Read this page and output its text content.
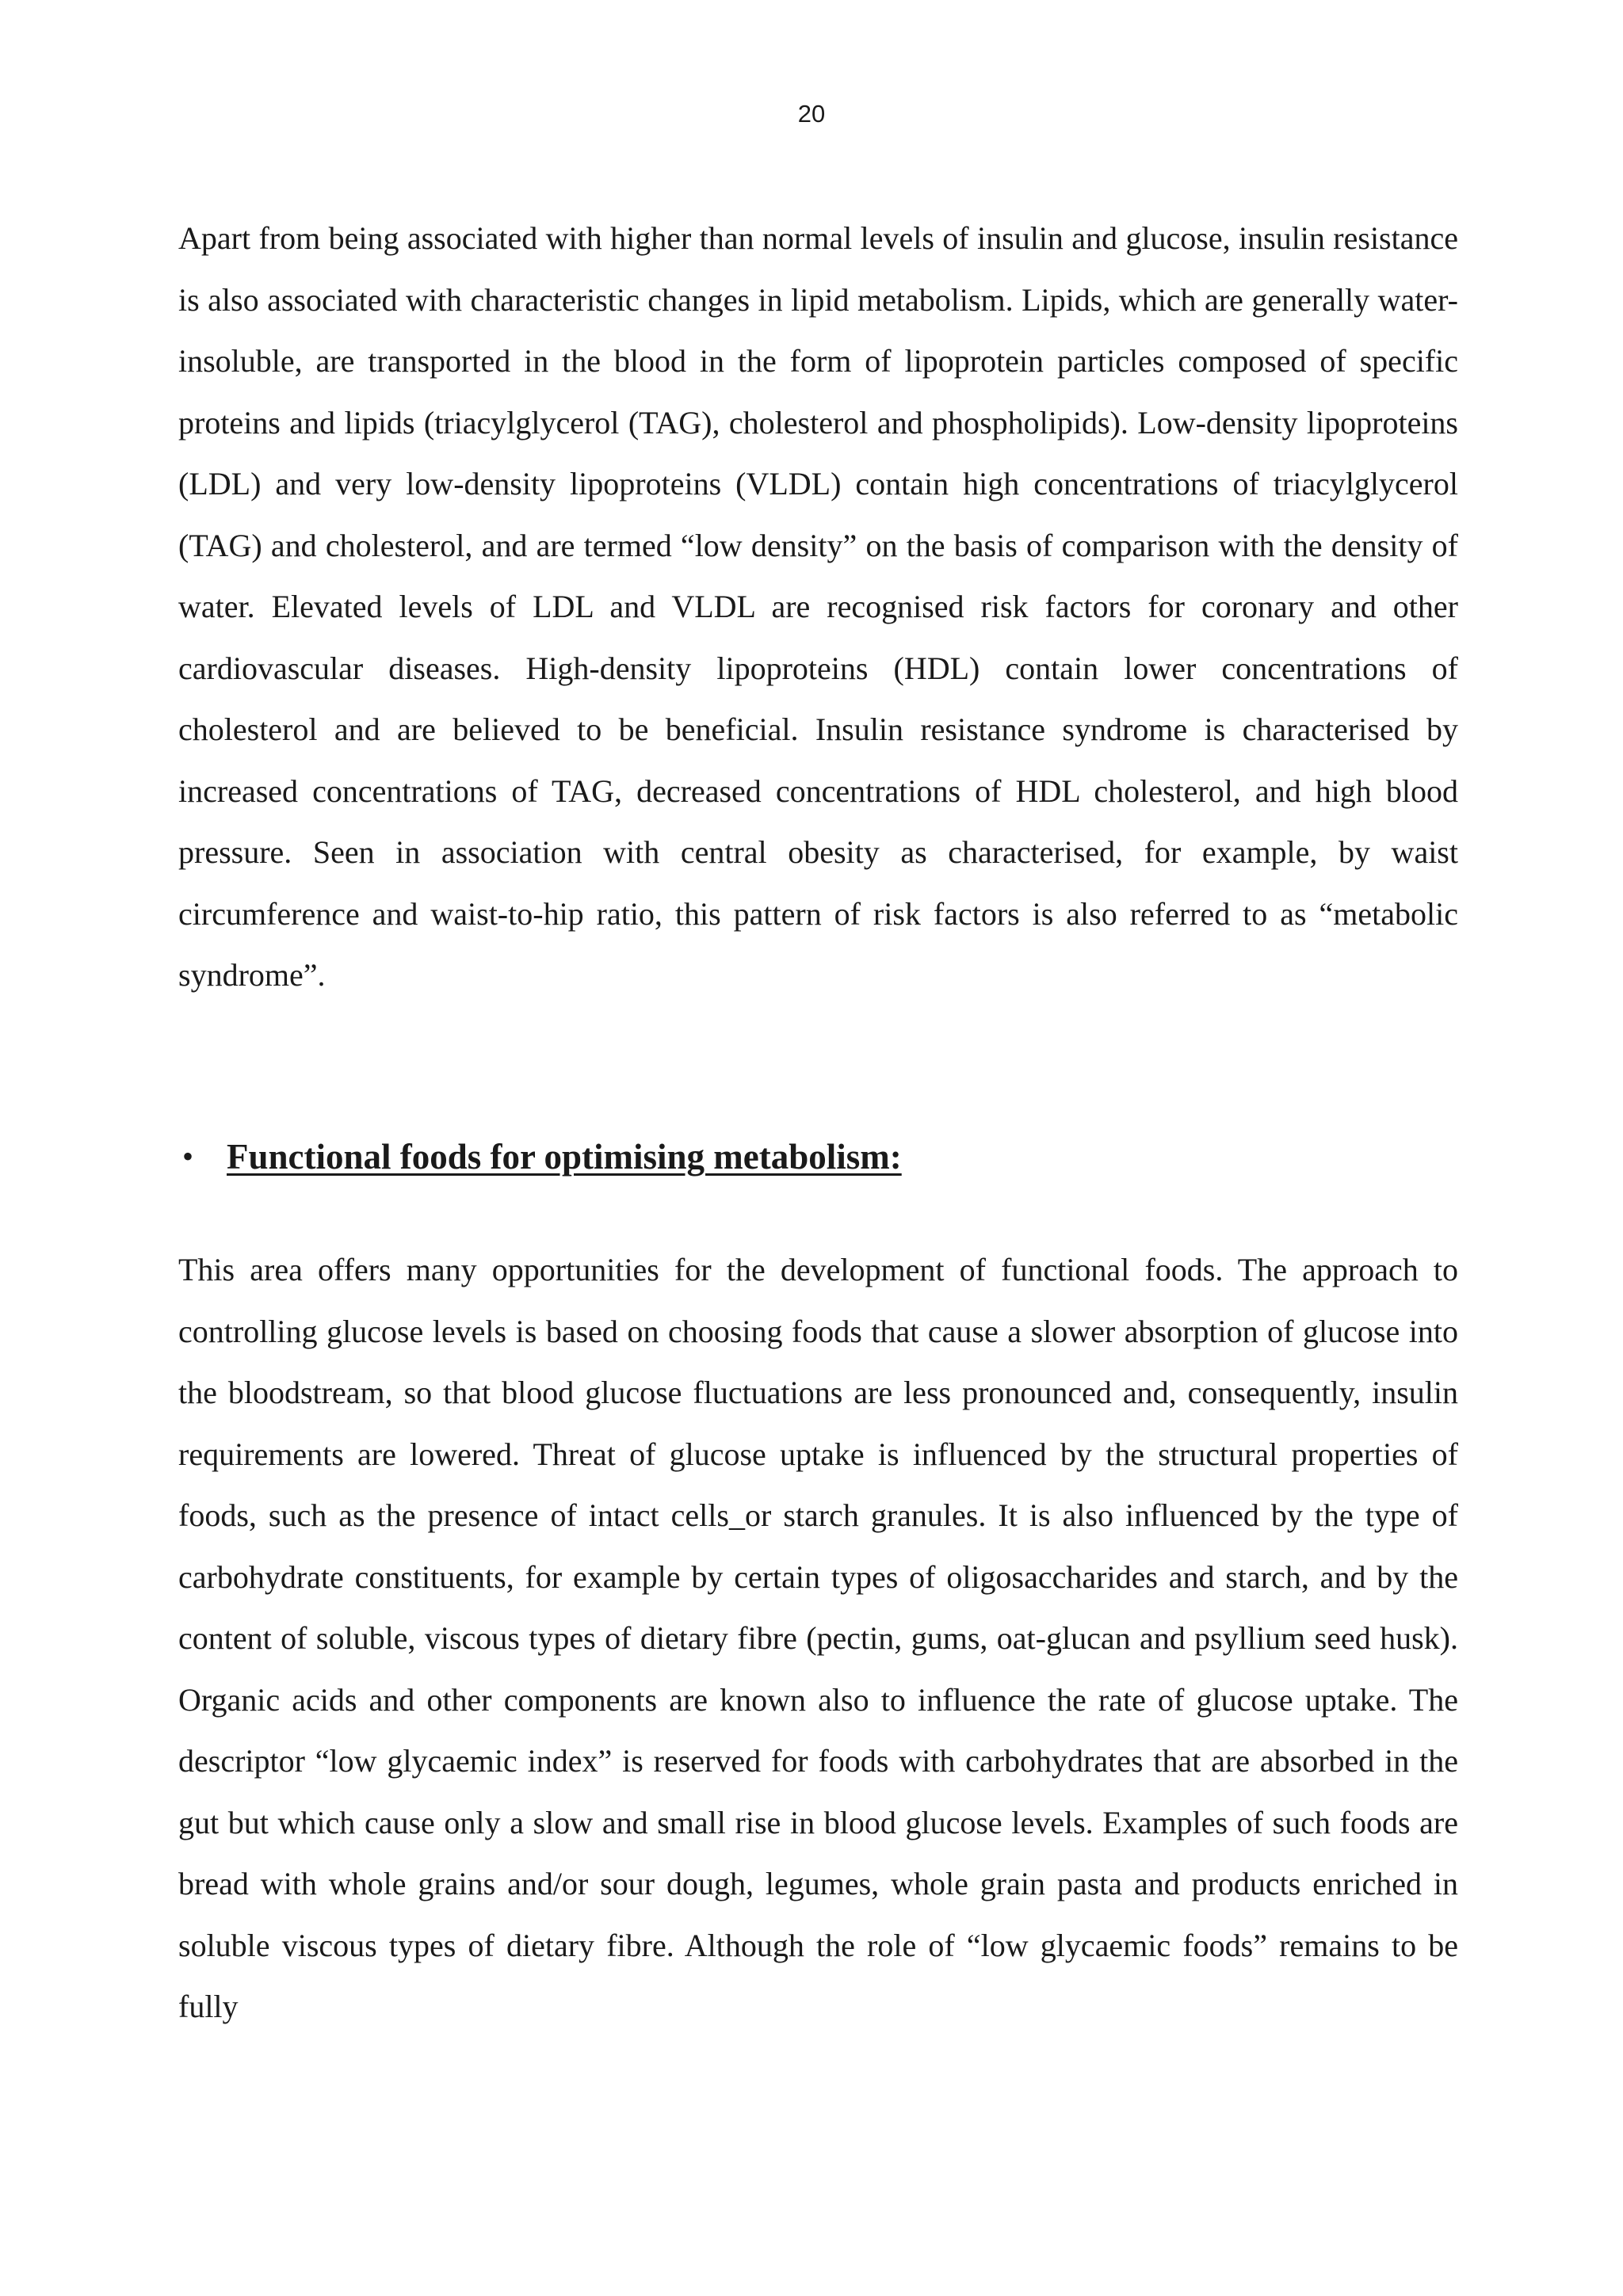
20

Apart from being associated with higher than normal levels of insulin and glucose, insulin resistance is also associated with characteristic changes in lipid metabolism. Lipids, which are generally water-insoluble, are transported in the blood in the form of lipoprotein particles composed of specific proteins and lipids (triacylglycerol (TAG), cholesterol and phospholipids). Low-density lipoproteins (LDL) and very low-density lipoproteins (VLDL) contain high concentrations of triacylglycerol (TAG) and cholesterol, and are termed “low density” on the basis of comparison with the density of water. Elevated levels of LDL and VLDL are recognised risk factors for coronary and other cardiovascular diseases. High-density lipoproteins (HDL) contain lower concentrations of cholesterol and are believed to be beneficial. Insulin resistance syndrome is characterised by increased concentrations of TAG, decreased concentrations of HDL cholesterol, and high blood pressure. Seen in association with central obesity as characterised, for example, by waist circumference and waist-to-hip ratio, this pattern of risk factors is also referred to as “metabolic syndrome”.

• Functional foods for optimising metabolism:

This area offers many opportunities for the development of functional foods. The approach to controlling glucose levels is based on choosing foods that cause a slower absorption of glucose into the bloodstream, so that blood glucose fluctuations are less pronounced and, consequently, insulin requirements are lowered. Threat of glucose uptake is influenced by the structural properties of foods, such as the presence of intact cells_or starch granules. It is also influenced by the type of carbohydrate constituents, for example by certain types of oligosaccharides and starch, and by the content of soluble, viscous types of dietary fibre (pectin, gums, oat-glucan and psyllium seed husk). Organic acids and other components are known also to influence the rate of glucose uptake. The descriptor “low glycaemic index” is reserved for foods with carbohydrates that are absorbed in the gut but which cause only a slow and small rise in blood glucose levels. Examples of such foods are bread with whole grains and/or sour dough, legumes, whole grain pasta and products enriched in soluble viscous types of dietary fibre. Although the role of “low glycaemic foods” remains to be fully
